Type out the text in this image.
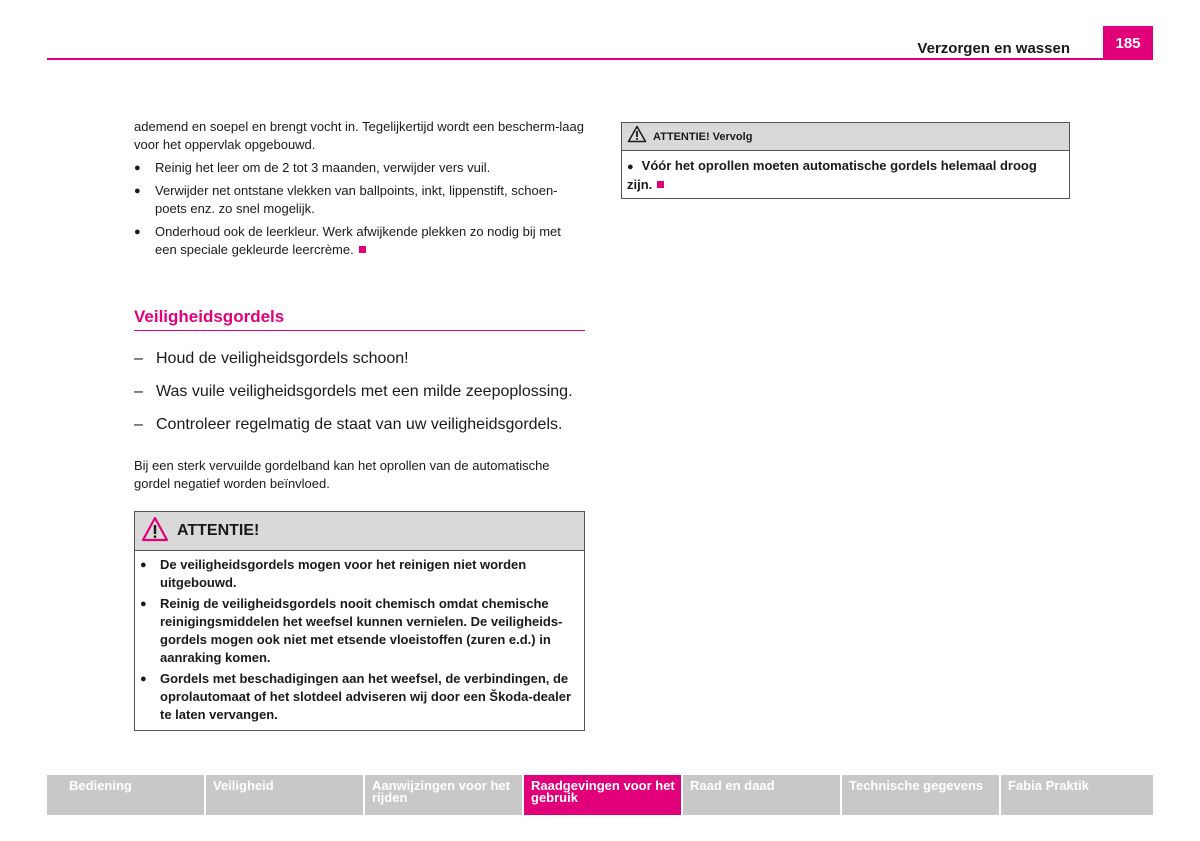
Verzorgen en wassen	185

ademend en soepel en brengt vocht in. Tegelijkertijd wordt een bescherm-laag voor het oppervlak opgebouwd.

●	Reinig het leer om de 2 tot 3 maanden, verwijder vers vuil.
●	Verwijder net ontstane vlekken van ballpoints, inkt, lippenstift, schoen-poets enz. zo snel mogelijk.
●	Onderhoud ook de leerkleur. Werk afwijkende plekken zo nodig bij met een speciale gekleurde leercrème.
Veiligheidsgordels
– Houd de veiligheidsgordels schoon!
– Was vuile veiligheidsgordels met een milde zeepoplossing.
– Controleer regelmatig de staat van uw veiligheidsgordels.

Bij een sterk vervuilde gordelband kan het oprollen van de automatische gordel negatief worden beïnvloed.

ATTENTIE!
●	De veiligheidsgordels mogen voor het reinigen niet worden uitgebouwd.
●	Reinig de veiligheidsgordels nooit chemisch omdat chemische reinigingsmiddelen het weefsel kunnen vernielen. De veiligheids-gordels mogen ook niet met etsende vloeistoffen (zuren e.d.) in aanraking komen.
●	Gordels met beschadigingen aan het weefsel, de verbindingen, de oprolautomaat of het slotdeel adviseren wij door een Škoda-dealer te laten vervangen.
ATTENTIE! Vervolg
● Vóór het oprollen moeten automatische gordels helemaal droog zijn.
Bediening	Veiligheid	Aanwijzingen voor het rijden
Raadgevingen voor het gebruik
Raad en daad	Technische gegevens	Fabia Praktik
